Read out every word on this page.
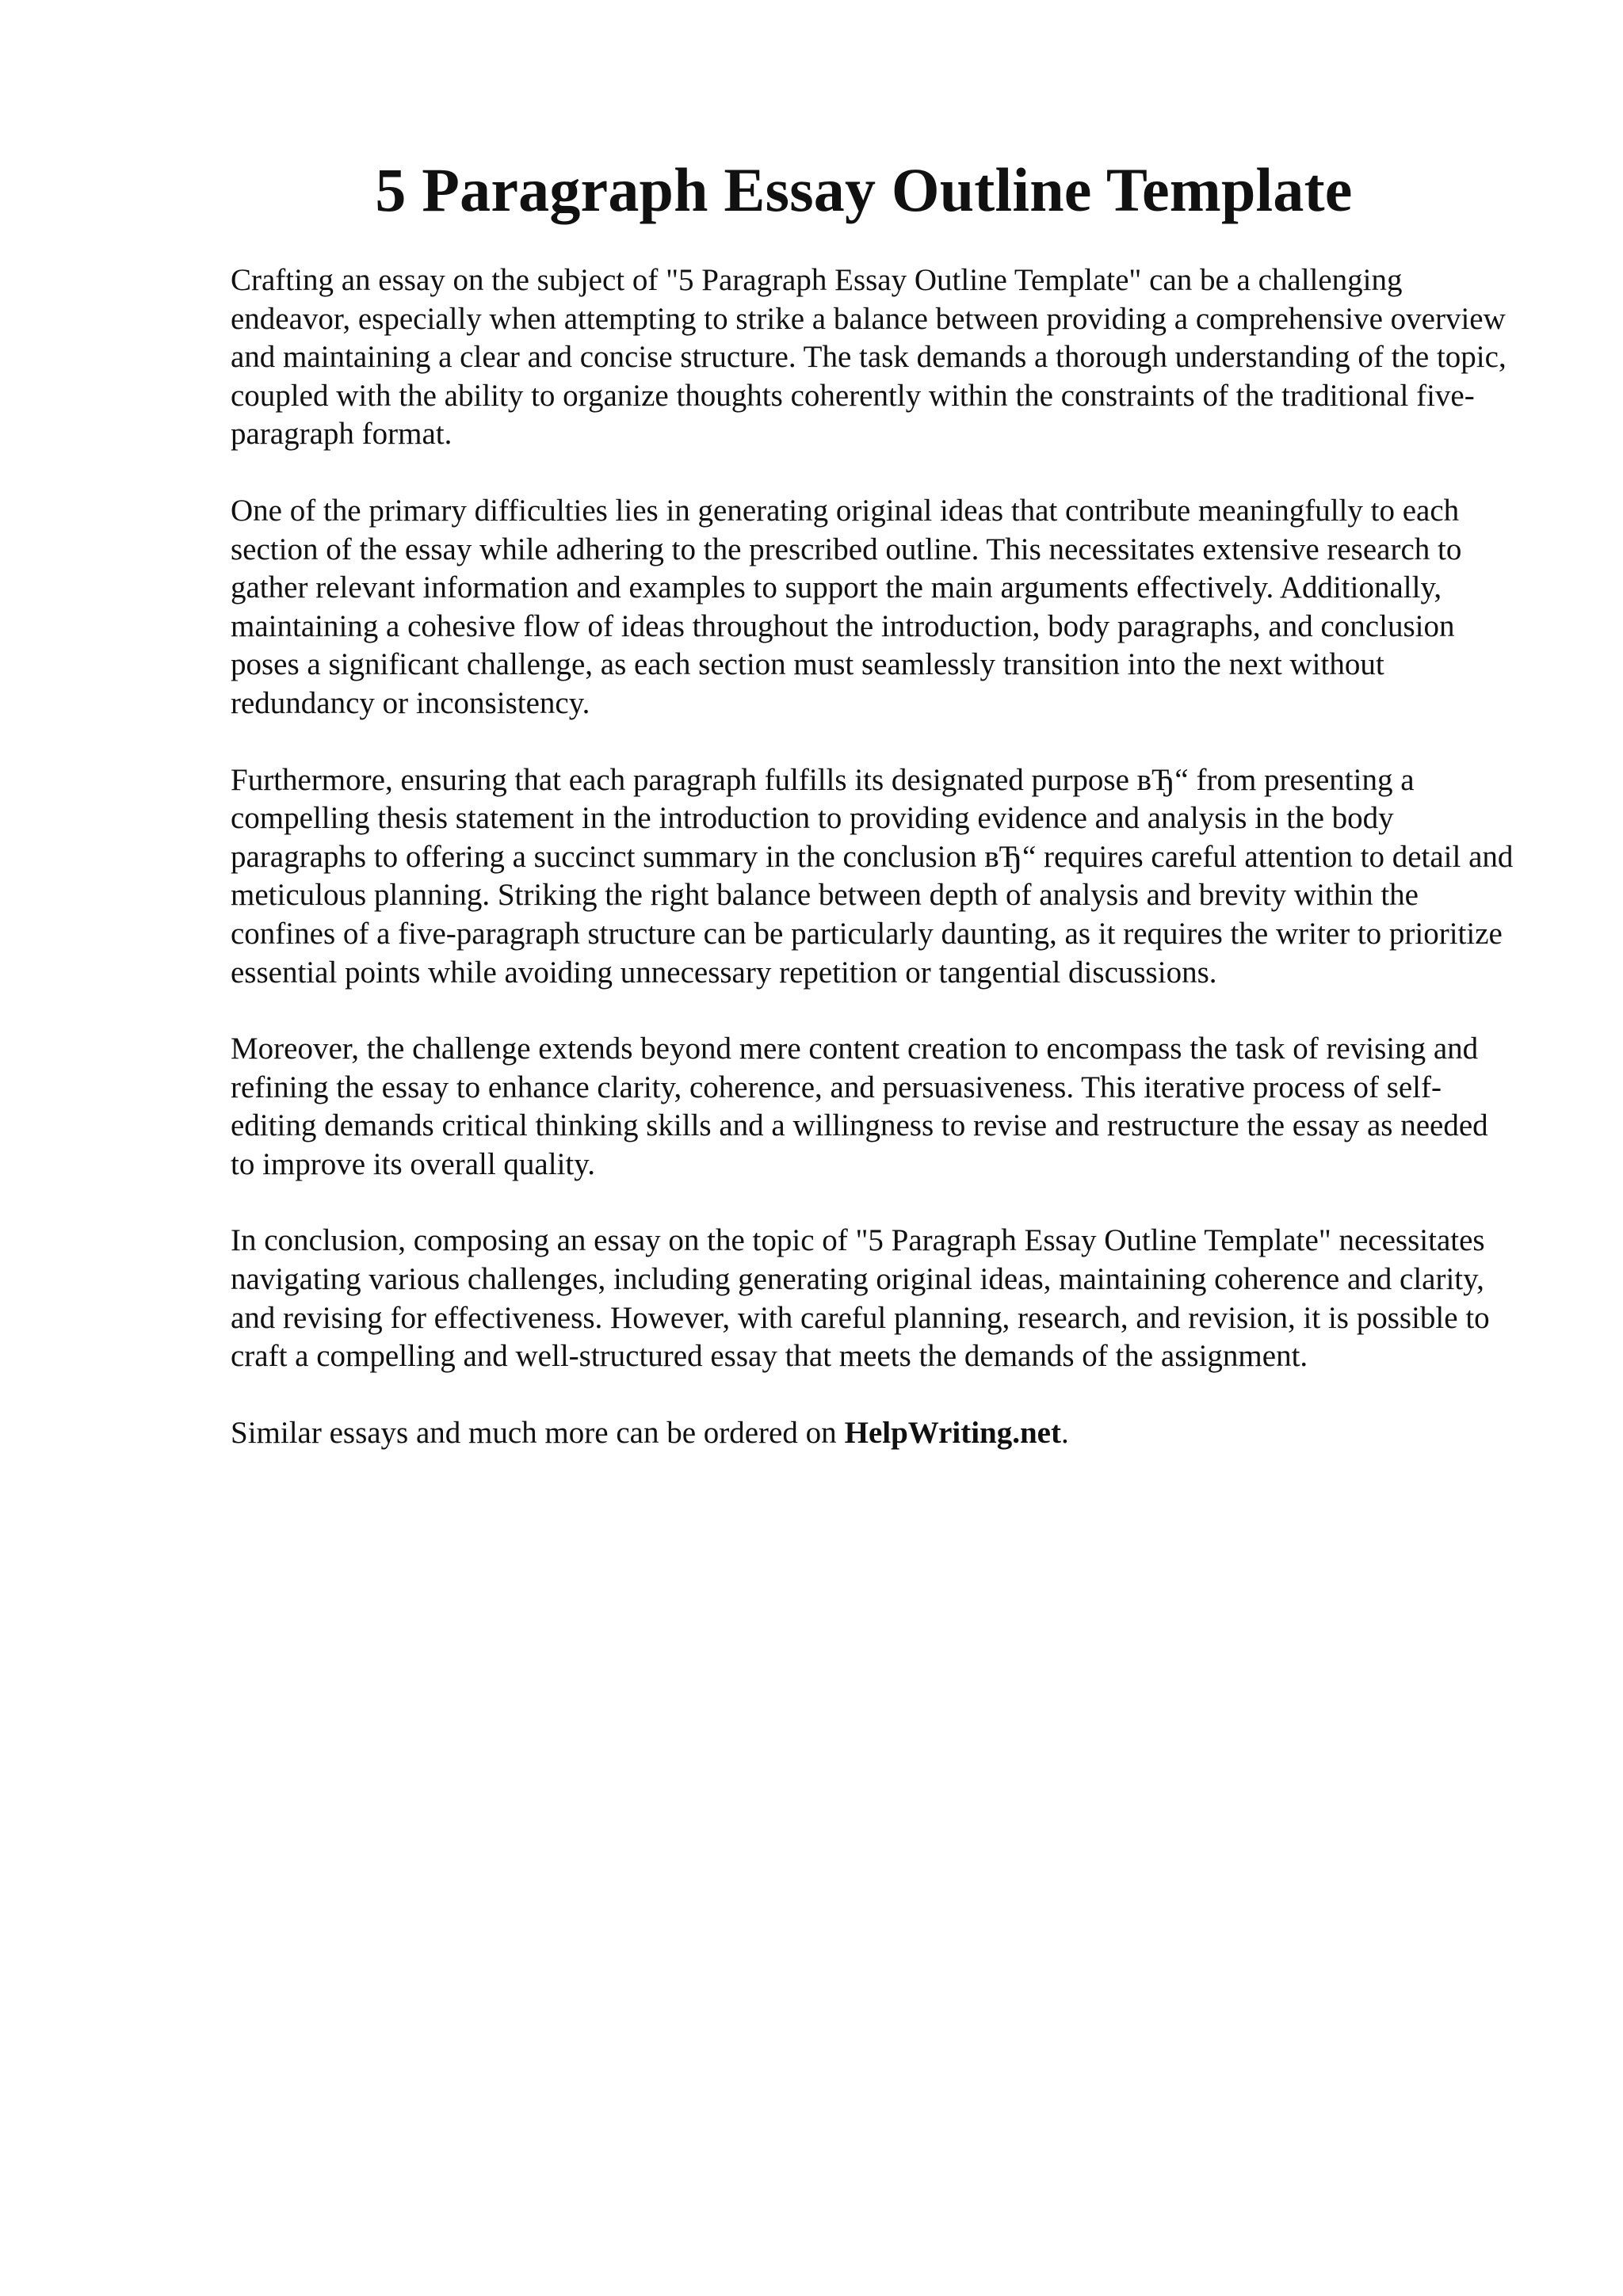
5 Paragraph Essay Outline Template

Crafting an essay on the subject of "5 Paragraph Essay Outline Template" can be a challenging endeavor, especially when attempting to strike a balance between providing a comprehensive overview and maintaining a clear and concise structure. The task demands a thorough understanding of the topic, coupled with the ability to organize thoughts coherently within the constraints of the traditional five-paragraph format.

One of the primary difficulties lies in generating original ideas that contribute meaningfully to each section of the essay while adhering to the prescribed outline. This necessitates extensive research to gather relevant information and examples to support the main arguments effectively. Additionally, maintaining a cohesive flow of ideas throughout the introduction, body paragraphs, and conclusion poses a significant challenge, as each section must seamlessly transition into the next without redundancy or inconsistency.

Furthermore, ensuring that each paragraph fulfills its designated purpose вЂ“ from presenting a compelling thesis statement in the introduction to providing evidence and analysis in the body paragraphs to offering a succinct summary in the conclusion вЂ“ requires careful attention to detail and meticulous planning. Striking the right balance between depth of analysis and brevity within the confines of a five-paragraph structure can be particularly daunting, as it requires the writer to prioritize essential points while avoiding unnecessary repetition or tangential discussions.

Moreover, the challenge extends beyond mere content creation to encompass the task of revising and refining the essay to enhance clarity, coherence, and persuasiveness. This iterative process of self-editing demands critical thinking skills and a willingness to revise and restructure the essay as needed to improve its overall quality.

In conclusion, composing an essay on the topic of "5 Paragraph Essay Outline Template" necessitates navigating various challenges, including generating original ideas, maintaining coherence and clarity, and revising for effectiveness. However, with careful planning, research, and revision, it is possible to craft a compelling and well-structured essay that meets the demands of the assignment.

Similar essays and much more can be ordered on HelpWriting.net.
